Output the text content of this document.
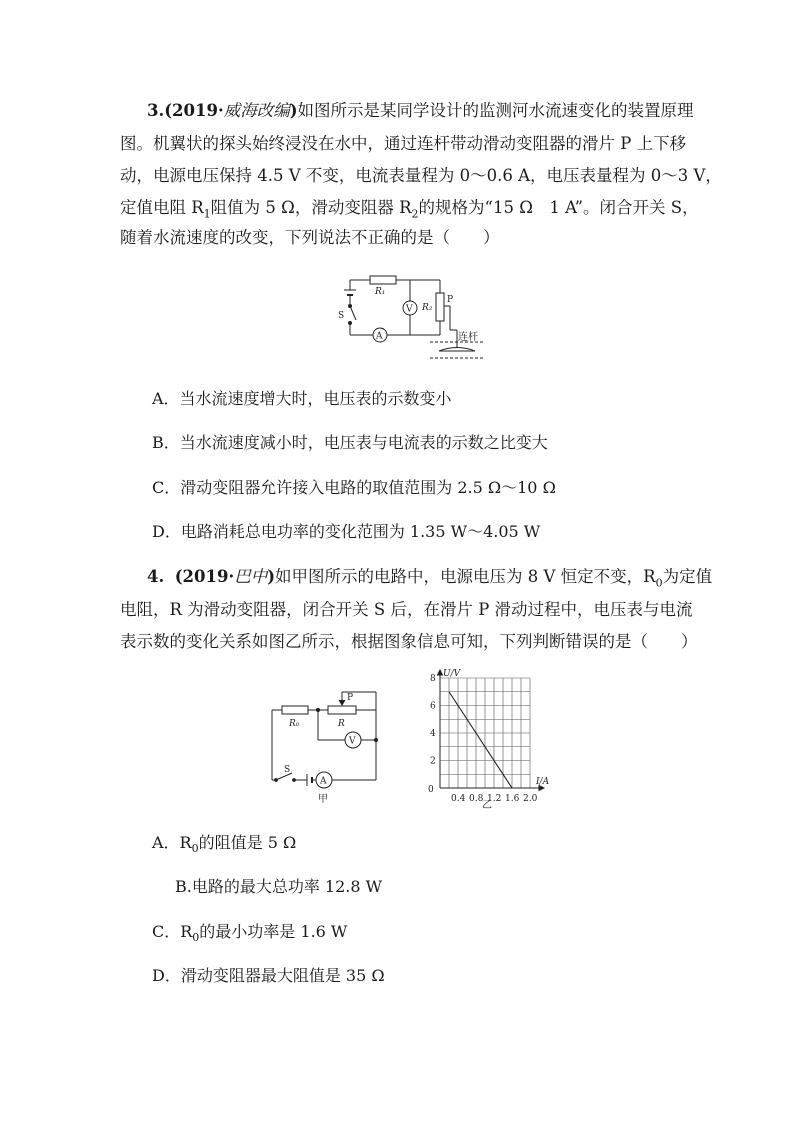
3.(2019·威海改编)如图所示是某同学设计的监测河水流速变化的装置原理
图。机翼状的探头始终浸没在水中，通过连杆带动滑动变阻器的滑片 P 上下移
动，电源电压保持 4.5 V 不变，电流表量程为 0～0.6 A，电压表量程为 0～3 V，
定值电阻 $R_1$阻值为 5 Ω，滑动变阻器 $R_2$的规格为“15 Ω　1 A”。闭合开关 S，
随着水流速度的改变，下列说法不正确的是（　　）
R₁
R₂
P
V
A
S
连杆
A．当水流速度增大时，电压表的示数变小
B．当水流速度减小时，电压表与电流表的示数之比变大
C．滑动变阻器允许接入电路的取值范围为 2.5 Ω～10 Ω
D．电路消耗总电功率的变化范围为 1.35 W～4.05 W
4. (2019·巴中)如甲图所示的电路中，电源电压为 8 V 恒定不变，$R_0$为定值
电阻，R 为滑动变阻器，闭合开关 S 后，在滑片 P 滑动过程中，电压表与电流
表示数的变化关系如图乙所示，根据图象信息可知，下列判断错误的是（　　）
R₀	R
P
V
A
S
甲	0.4 0.8 1.2 1.6 2.0
2
4
6
8 U/V
I/A
0
乙
A．$R_0$的阻值是 5 Ω
B.电路的最大总功率 12.8 W
C．$R_0$的最小功率是 1.6 W
D．滑动变阻器最大阻值是 35 Ω
